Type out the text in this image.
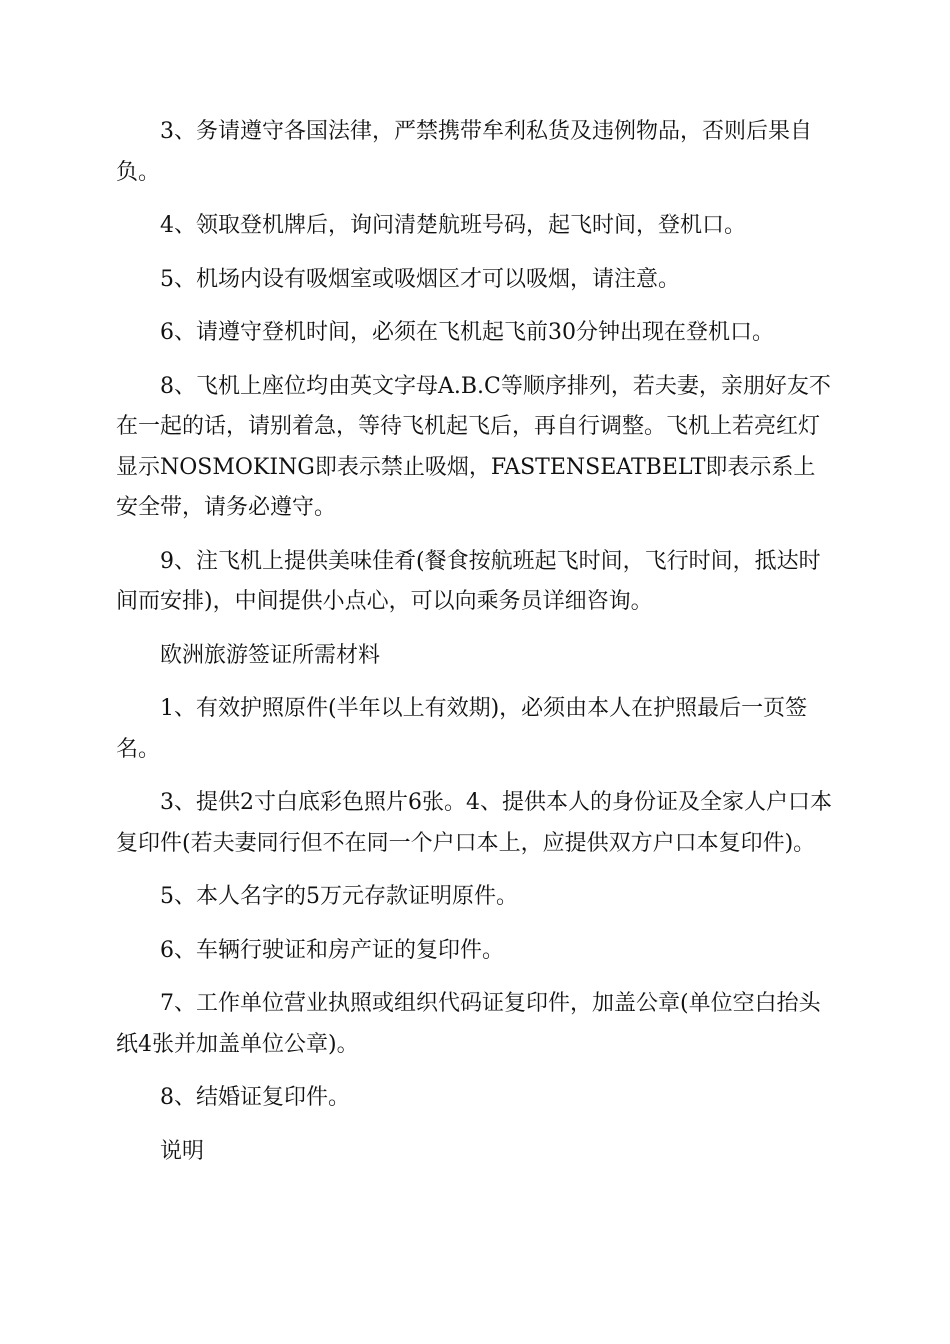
3、务请遵守各国法律，严禁携带牟利私货及违例物品，否则后果自负。

4、领取登机牌后，询问清楚航班号码，起飞时间，登机口。

5、机场内设有吸烟室或吸烟区才可以吸烟，请注意。

6、请遵守登机时间，必须在飞机起飞前30分钟出现在登机口。

8、飞机上座位均由英文字母A.B.C等顺序排列，若夫妻，亲朋好友不在一起的话，请别着急，等待飞机起飞后，再自行调整。飞机上若亮红灯显示NOSMOKING即表示禁止吸烟，FASTENSEATBELT即表示系上安全带，请务必遵守。

9、注飞机上提供美味佳肴(餐食按航班起飞时间，飞行时间，抵达时间而安排)，中间提供小点心，可以向乘务员详细咨询。

欧洲旅游签证所需材料

1、有效护照原件(半年以上有效期)，必须由本人在护照最后一页签名。

3、提供2寸白底彩色照片6张。4、提供本人的身份证及全家人户口本复印件(若夫妻同行但不在同一个户口本上，应提供双方户口本复印件)。

5、本人名字的5万元存款证明原件。

6、车辆行驶证和房产证的复印件。

7、工作单位营业执照或组织代码证复印件，加盖公章(单位空白抬头纸4张并加盖单位公章)。

8、结婚证复印件。

说明
